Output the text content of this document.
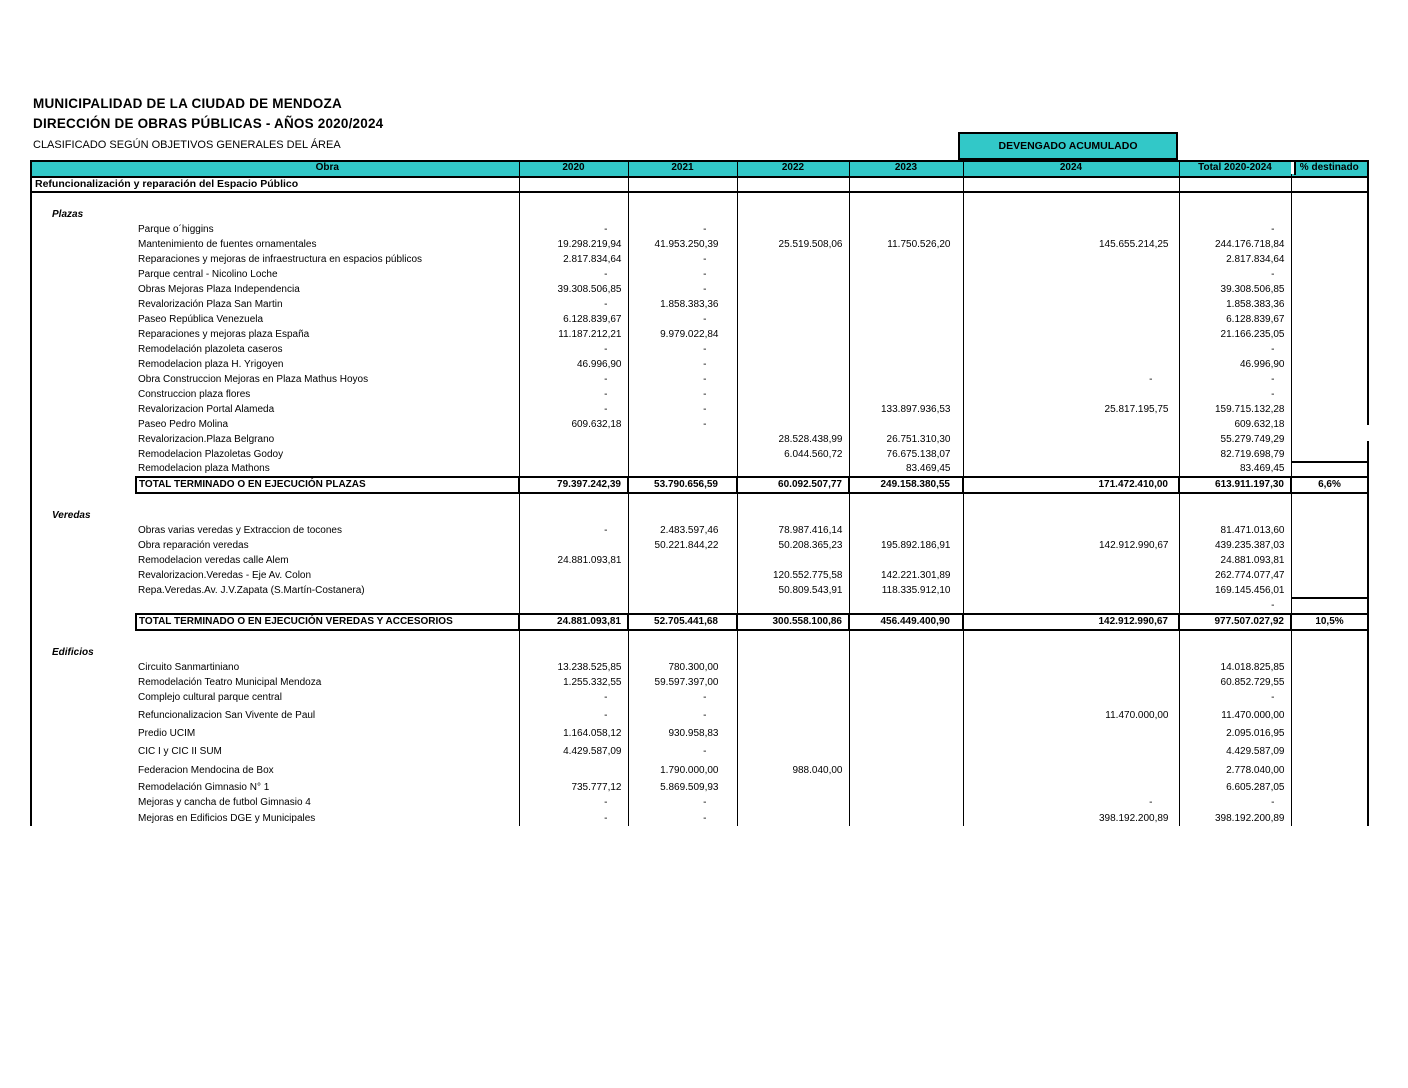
MUNICIPALIDAD DE LA CIUDAD DE MENDOZA
DIRECCIÓN DE OBRAS PÚBLICAS - AÑOS 2020/2024
CLASIFICADO SEGÚN OBJETIVOS GENERALES DEL ÁREA	DEVENGADO ACUMULADO
	Obra	2020	2021	2022	2023	2024	Total 2020-2024	% destinado
Refuncionalización y reparación del Espacio Público								

Plazas								
	Parque o´higgins	-	-				-	
	Mantenimiento de fuentes ornamentales	19.298.219,94	41.953.250,39	25.519.508,06	11.750.526,20	145.655.214,25	244.176.718,84	
	Reparaciones y mejoras de infraestructura en espacios públicos	2.817.834,64	-				2.817.834,64	
	Parque central - Nicolino Loche	-	-				-	
	Obras Mejoras Plaza Independencia	39.308.506,85	-				39.308.506,85	
	Revalorización Plaza San Martin	-	1.858.383,36				1.858.383,36	
	Paseo República Venezuela	6.128.839,67	-				6.128.839,67	
	Reparaciones y mejoras plaza España	11.187.212,21	9.979.022,84				21.166.235,05	
	Remodelación plazoleta caseros	-	-				-	
	Remodelacion plaza H. Yrigoyen	46.996,90	-				46.996,90	
	Obra Construccion Mejoras en Plaza Mathus Hoyos	-	-			-	-	
	Construccion plaza flores	-	-				-	
	Revalorizacion Portal Alameda	-	-		133.897.936,53	25.817.195,75	159.715.132,28	
	Paseo Pedro Molina	609.632,18	-				609.632,18	
	Revalorizacion.Plaza Belgrano			28.528.438,99	26.751.310,30		55.279.749,29	
	Remodelacion Plazoletas Godoy			6.044.560,72	76.675.138,07		82.719.698,79	
	Remodelacion plaza Mathons				83.469,45		83.469,45	
	TOTAL TERMINADO O EN EJECUCIÓN PLAZAS	79.397.242,39	53.790.656,59	60.092.507,77	249.158.380,55	171.472.410,00	613.911.197,30	6,6%

Veredas								
	Obras varias veredas y Extraccion de tocones	-	2.483.597,46	78.987.416,14			81.471.013,60	
	Obra reparación veredas		50.221.844,22	50.208.365,23	195.892.186,91	142.912.990,67	439.235.387,03	
	Remodelacion veredas calle Alem	24.881.093,81					24.881.093,81	
	Revalorizacion.Veredas - Eje Av. Colon			120.552.775,58	142.221.301,89		262.774.077,47	
	Repa.Veredas.Av. J.V.Zapata (S.Martín-Costanera)			50.809.543,91	118.335.912,10		169.145.456,01	
							-	
	TOTAL TERMINADO O EN EJECUCIÓN VEREDAS Y ACCESORIOS	24.881.093,81	52.705.441,68	300.558.100,86	456.449.400,90	142.912.990,67	977.507.027,92	10,5%

Edificios								
	Circuito Sanmartiniano	13.238.525,85	780.300,00				14.018.825,85	
	Remodelación Teatro Municipal Mendoza	1.255.332,55	59.597.397,00				60.852.729,55	
	Complejo cultural parque central	-	-				-	
	Refuncionalizacion San Vivente de Paul	-	-			11.470.000,00	11.470.000,00	
	Predio UCIM	1.164.058,12	930.958,83				2.095.016,95	
	CIC I y CIC II SUM	4.429.587,09	-				4.429.587,09	
	Federacion Mendocina de Box		1.790.000,00	988.040,00			2.778.040,00	
	Remodelación Gimnasio N° 1	735.777,12	5.869.509,93				6.605.287,05	
	Mejoras y cancha de futbol Gimnasio 4	-	-			-	-	
	Mejoras en Edificios DGE y Municipales	-	-			398.192.200,89	398.192.200,89	
